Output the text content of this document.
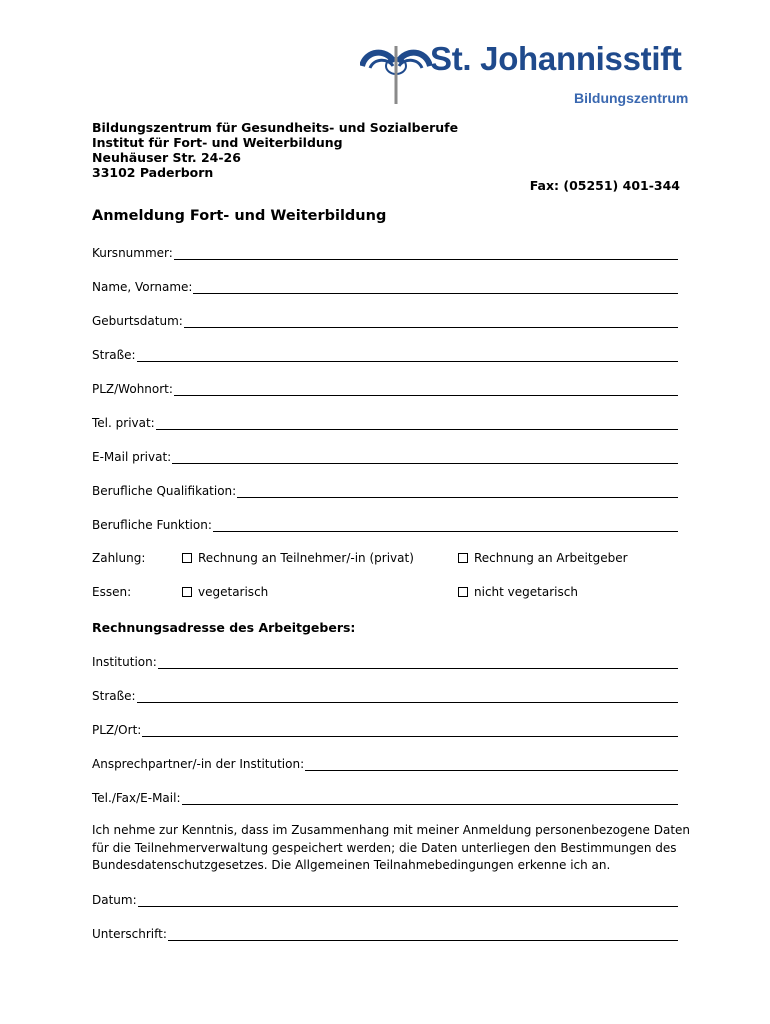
St. Johannisstift
Bildungszentrum
Bildungszentrum für Gesundheits- und Sozialberufe
Institut für Fort- und Weiterbildung
Neuhäuser Str. 24-26
33102 Paderborn
Fax: (05251) 401-344
Anmeldung Fort- und Weiterbildung
Kursnummer:
Name, Vorname:
Geburtsdatum:
Straße:
PLZ/Wohnort:
Tel. privat:
E-Mail privat:
Berufliche Qualifikation:
Berufliche Funktion:
Zahlung:	Rechnung an Teilnehmer/-in (privat)	Rechnung an Arbeitgeber
Essen:	vegetarisch	nicht vegetarisch
Rechnungsadresse des Arbeitgebers:
Institution:
Straße:
PLZ/Ort:
Ansprechpartner/-in der Institution:
Tel./Fax/E-Mail:
Ich nehme zur Kenntnis, dass im Zusammenhang mit meiner Anmeldung personenbezogene Daten für die Teilnehmerverwaltung gespeichert werden; die Daten unterliegen den Bestimmungen des Bundesdatenschutzgesetzes. Die Allgemeinen Teilnahmebedingungen erkenne ich an.
Datum:
Unterschrift:
